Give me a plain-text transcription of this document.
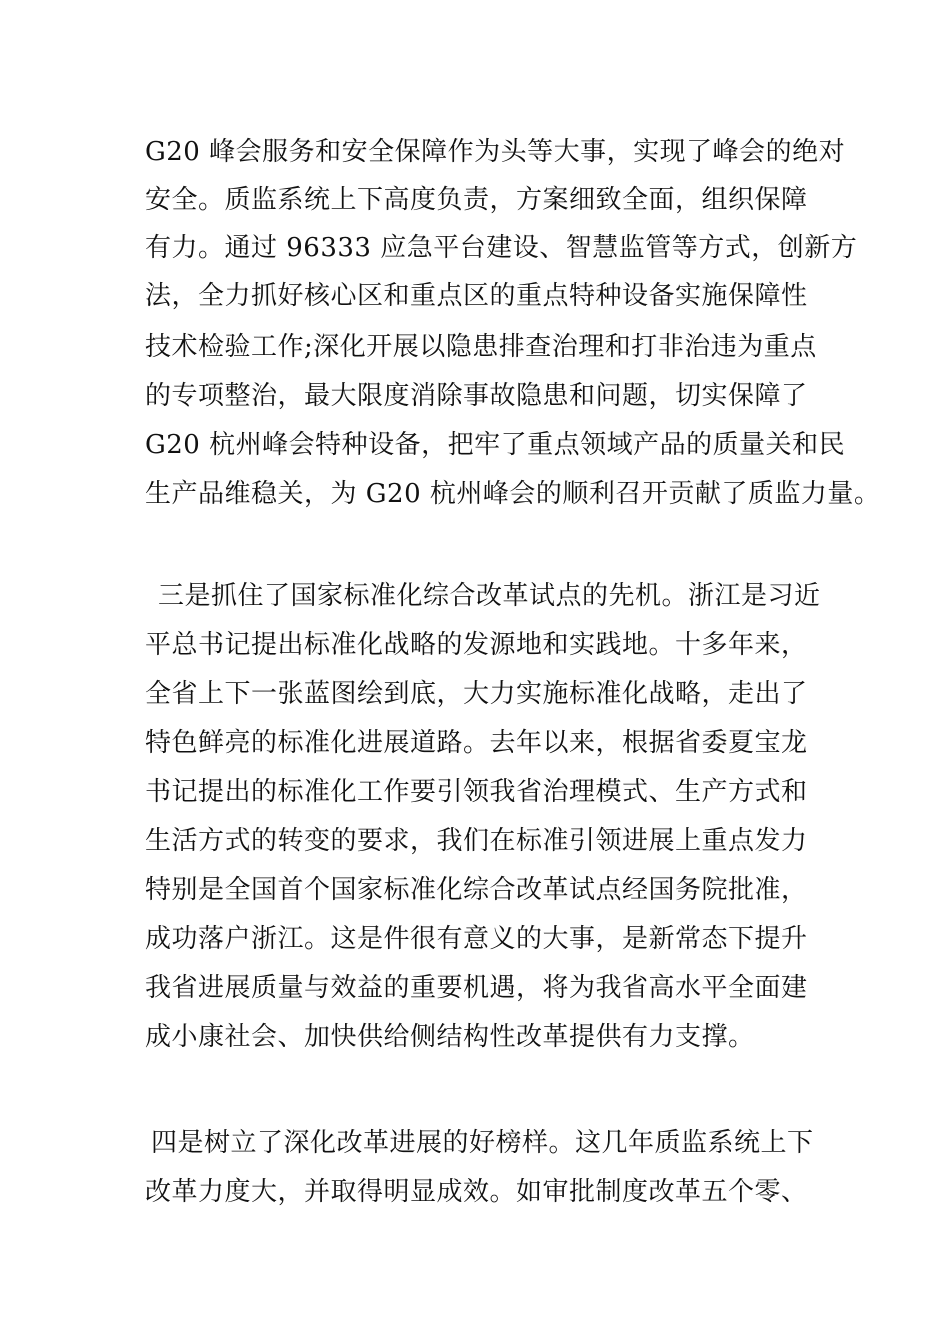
G20 峰会服务和安全保障作为头等大事，实现了峰会的绝对
安全。质监系统上下高度负责，方案细致全面，组织保障
有力。通过 96333 应急平台建设、智慧监管等方式，创新方
法，全力抓好核心区和重点区的重点特种设备实施保障性
技术检验工作;深化开展以隐患排查治理和打非治违为重点
的专项整治，最大限度消除事故隐患和问题，切实保障了
G20 杭州峰会特种设备，把牢了重点领域产品的质量关和民
生产品维稳关，为 G20 杭州峰会的顺利召开贡献了质监力量。
三是抓住了国家标准化综合改革试点的先机。浙江是习近
平总书记提出标准化战略的发源地和实践地。十多年来，
全省上下一张蓝图绘到底，大力实施标准化战略，走出了
特色鲜亮的标准化进展道路。去年以来，根据省委夏宝龙
书记提出的标准化工作要引领我省治理模式、生产方式和
生活方式的转变的要求，我们在标准引领进展上重点发力
特别是全国首个国家标准化综合改革试点经国务院批准，
成功落户浙江。这是件很有意义的大事，是新常态下提升
我省进展质量与效益的重要机遇，将为我省高水平全面建
成小康社会、加快供给侧结构性改革提供有力支撑。
四是树立了深化改革进展的好榜样。这几年质监系统上下
改革力度大，并取得明显成效。如审批制度改革五个零、
